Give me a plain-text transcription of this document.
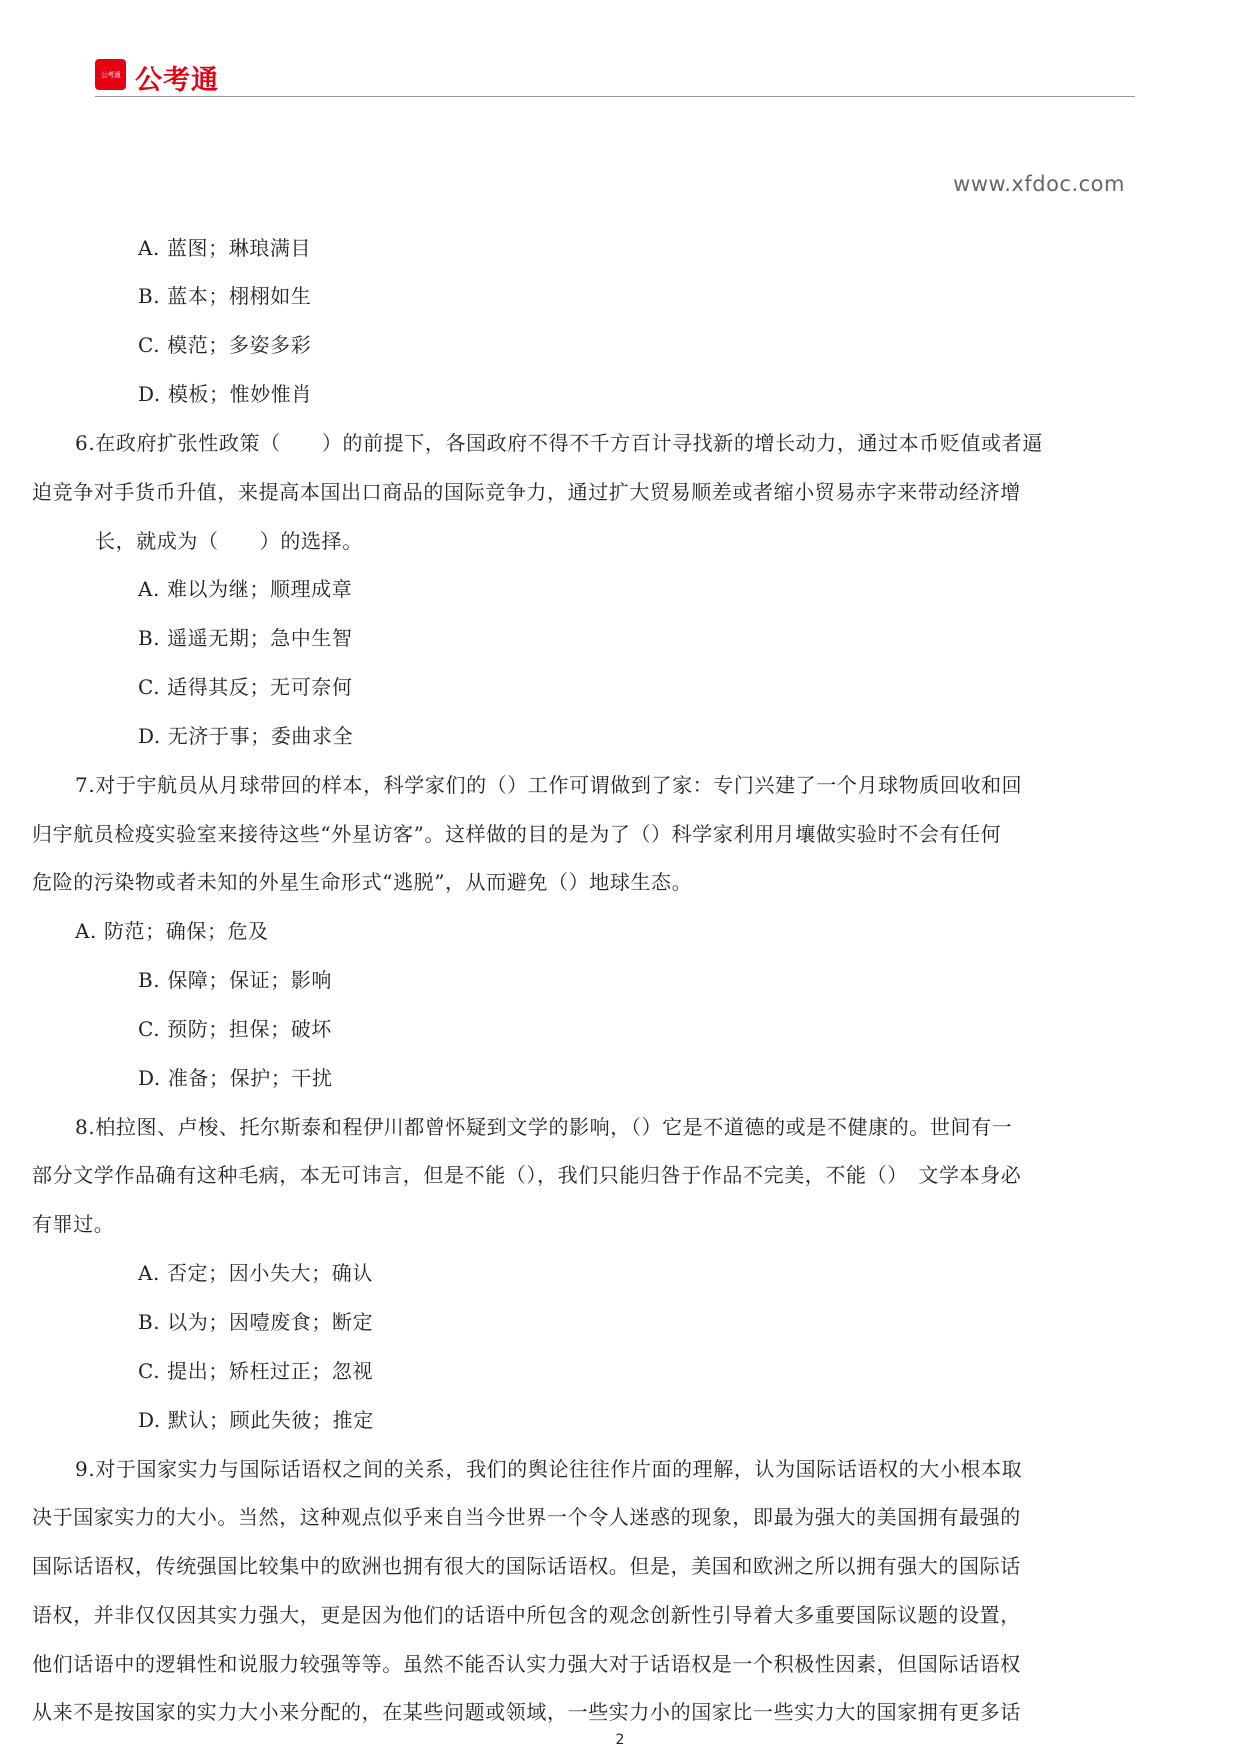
公考通 公考通
www.xfdoc.com
A. 蓝图；琳琅满目
B. 蓝本；栩栩如生
C. 模范；多姿多彩
D. 模板；惟妙惟肖
6.在政府扩张性政策（　　）的前提下，各国政府不得不千方百计寻找新的增长动力，通过本币贬值或者逼
迫竞争对手货币升值，来提高本国出口商品的国际竞争力，通过扩大贸易顺差或者缩小贸易赤字来带动经济增
长，就成为（　　）的选择。
A. 难以为继；顺理成章
B. 遥遥无期；急中生智
C. 适得其反；无可奈何
D. 无济于事；委曲求全
7.对于宇航员从月球带回的样本，科学家们的（）工作可谓做到了家：专门兴建了一个月球物质回收和回
归宇航员检疫实验室来接待这些“外星访客”。这样做的目的是为了（）科学家利用月壤做实验时不会有任何
危险的污染物或者未知的外星生命形式“逃脱”，从而避免（）地球生态。
A. 防范；确保；危及
B. 保障；保证；影响
C. 预防；担保；破坏
D. 准备；保护；干扰
8.柏拉图、卢梭、托尔斯泰和程伊川都曾怀疑到文学的影响，（）它是不道德的或是不健康的。世间有一
部分文学作品确有这种毛病，本无可讳言，但是不能（），我们只能归咎于作品不完美，不能（）　文学本身必
有罪过。
A. 否定；因小失大；确认
B. 以为；因噎废食；断定
C. 提出；矫枉过正；忽视
D. 默认；顾此失彼；推定
9.对于国家实力与国际话语权之间的关系，我们的舆论往往作片面的理解，认为国际话语权的大小根本取
决于国家实力的大小。当然，这种观点似乎来自当今世界一个令人迷惑的现象，即最为强大的美国拥有最强的
国际话语权，传统强国比较集中的欧洲也拥有很大的国际话语权。但是，美国和欧洲之所以拥有强大的国际话
语权，并非仅仅因其实力强大，更是因为他们的话语中所包含的观念创新性引导着大多重要国际议题的设置，
他们话语中的逻辑性和说服力较强等等。虽然不能否认实力强大对于话语权是一个积极性因素，但国际话语权
从来不是按国家的实力大小来分配的，在某些问题或领域，一些实力小的国家比一些实力大的国家拥有更多话
2
